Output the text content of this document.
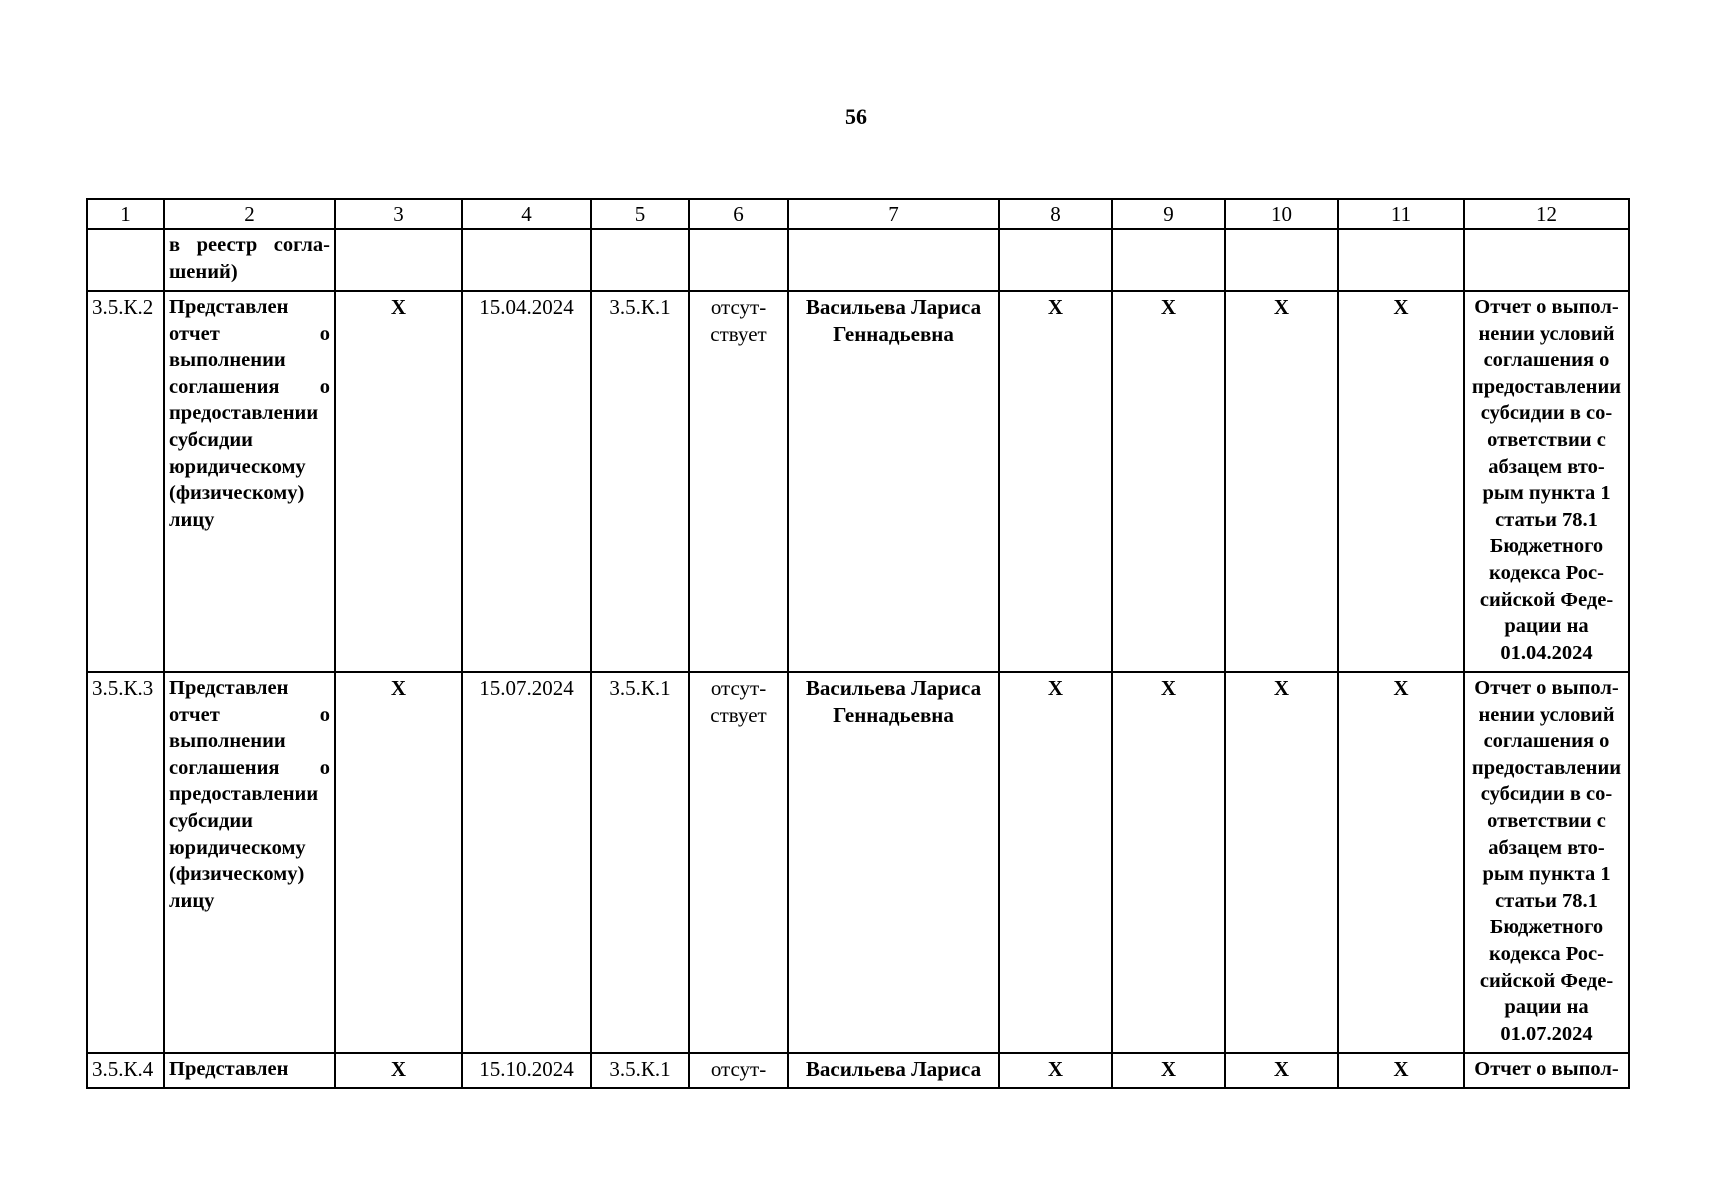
56
1	2	3	4	5	6	7	8	9	10	11	12
	в реестр согла-шений)										
3.5.К.2	Представлен отчет о выполнении соглашения о предоставлении субсидии юридическому (физическому) лицу	X	15.04.2024	3.5.К.1	отсут-ствует	Васильева Лариса Геннадьевна	X	X	X	X	Отчет о выпол-нении условий соглашения о предоставлении субсидии в со-ответствии с абзацем вто-рым пункта 1 статьи 78.1 Бюджетного кодекса Рос-сийской Феде-рации на 01.04.2024
3.5.К.3	Представлен отчет о выполнении соглашения о предоставлении субсидии юридическому (физическому) лицу	X	15.07.2024	3.5.К.1	отсут-ствует	Васильева Лариса Геннадьевна	X	X	X	X	Отчет о выпол-нении условий соглашения о предоставлении субсидии в со-ответствии с абзацем вто-рым пункта 1 статьи 78.1 Бюджетного кодекса Рос-сийской Феде-рации на 01.07.2024
3.5.К.4	Представлен	X	15.10.2024	3.5.К.1	отсут-	Васильева Лариса	X	X	X	X	Отчет о выпол-
